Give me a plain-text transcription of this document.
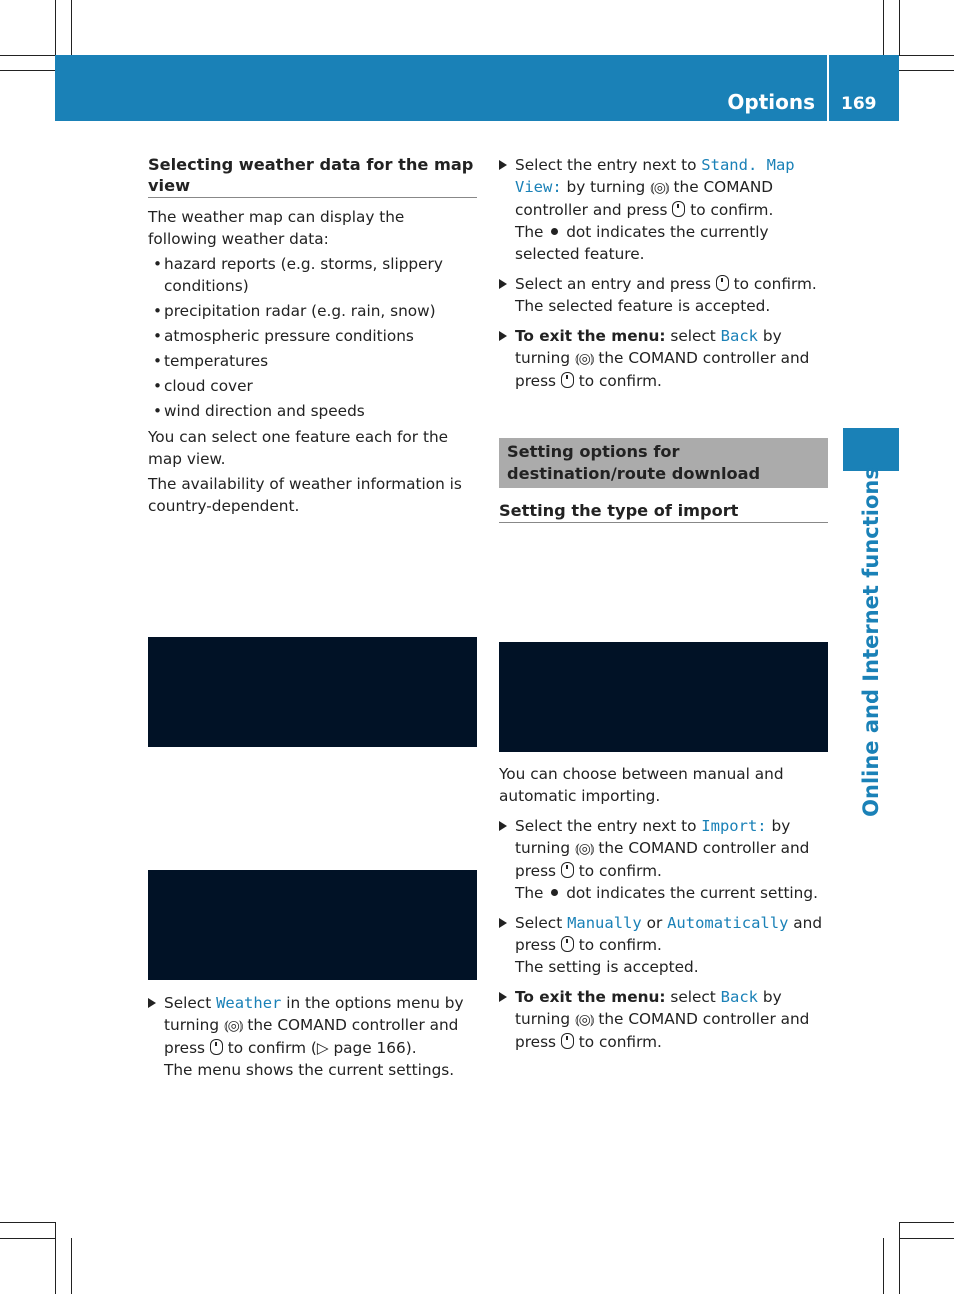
Options 169
Online and Internet functions
Selecting weather data for the map view

The weather map can display the following weather data:

• hazard reports (e.g. storms, slippery conditions)
• precipitation radar (e.g. rain, snow)
• atmospheric pressure conditions
• temperatures
• cloud cover
• wind direction and speeds

You can select one feature each for the map view.

The availability of weather information is country-dependent.

Select Weather in the options menu by turning ⦅◎⦆ the COMAND controller and press  to confirm (▷ page 166).
The menu shows the current settings.
Select the entry next to Stand. Map View: by turning ⦅◎⦆ the COMAND controller and press  to confirm.
The  dot indicates the currently selected feature.
Select an entry and press  to confirm.
The selected feature is accepted.
To exit the menu: select Back by turning ⦅◎⦆ the COMAND controller and press  to confirm.
Setting options for destination/route download
Setting the type of import

You can choose between manual and automatic importing.

Select the entry next to Import: by turning ⦅◎⦆ the COMAND controller and press  to confirm.
The  dot indicates the current setting.
Select Manually or Automatically and press  to confirm.
The setting is accepted.
To exit the menu: select Back by turning ⦅◎⦆ the COMAND controller and press  to confirm.
